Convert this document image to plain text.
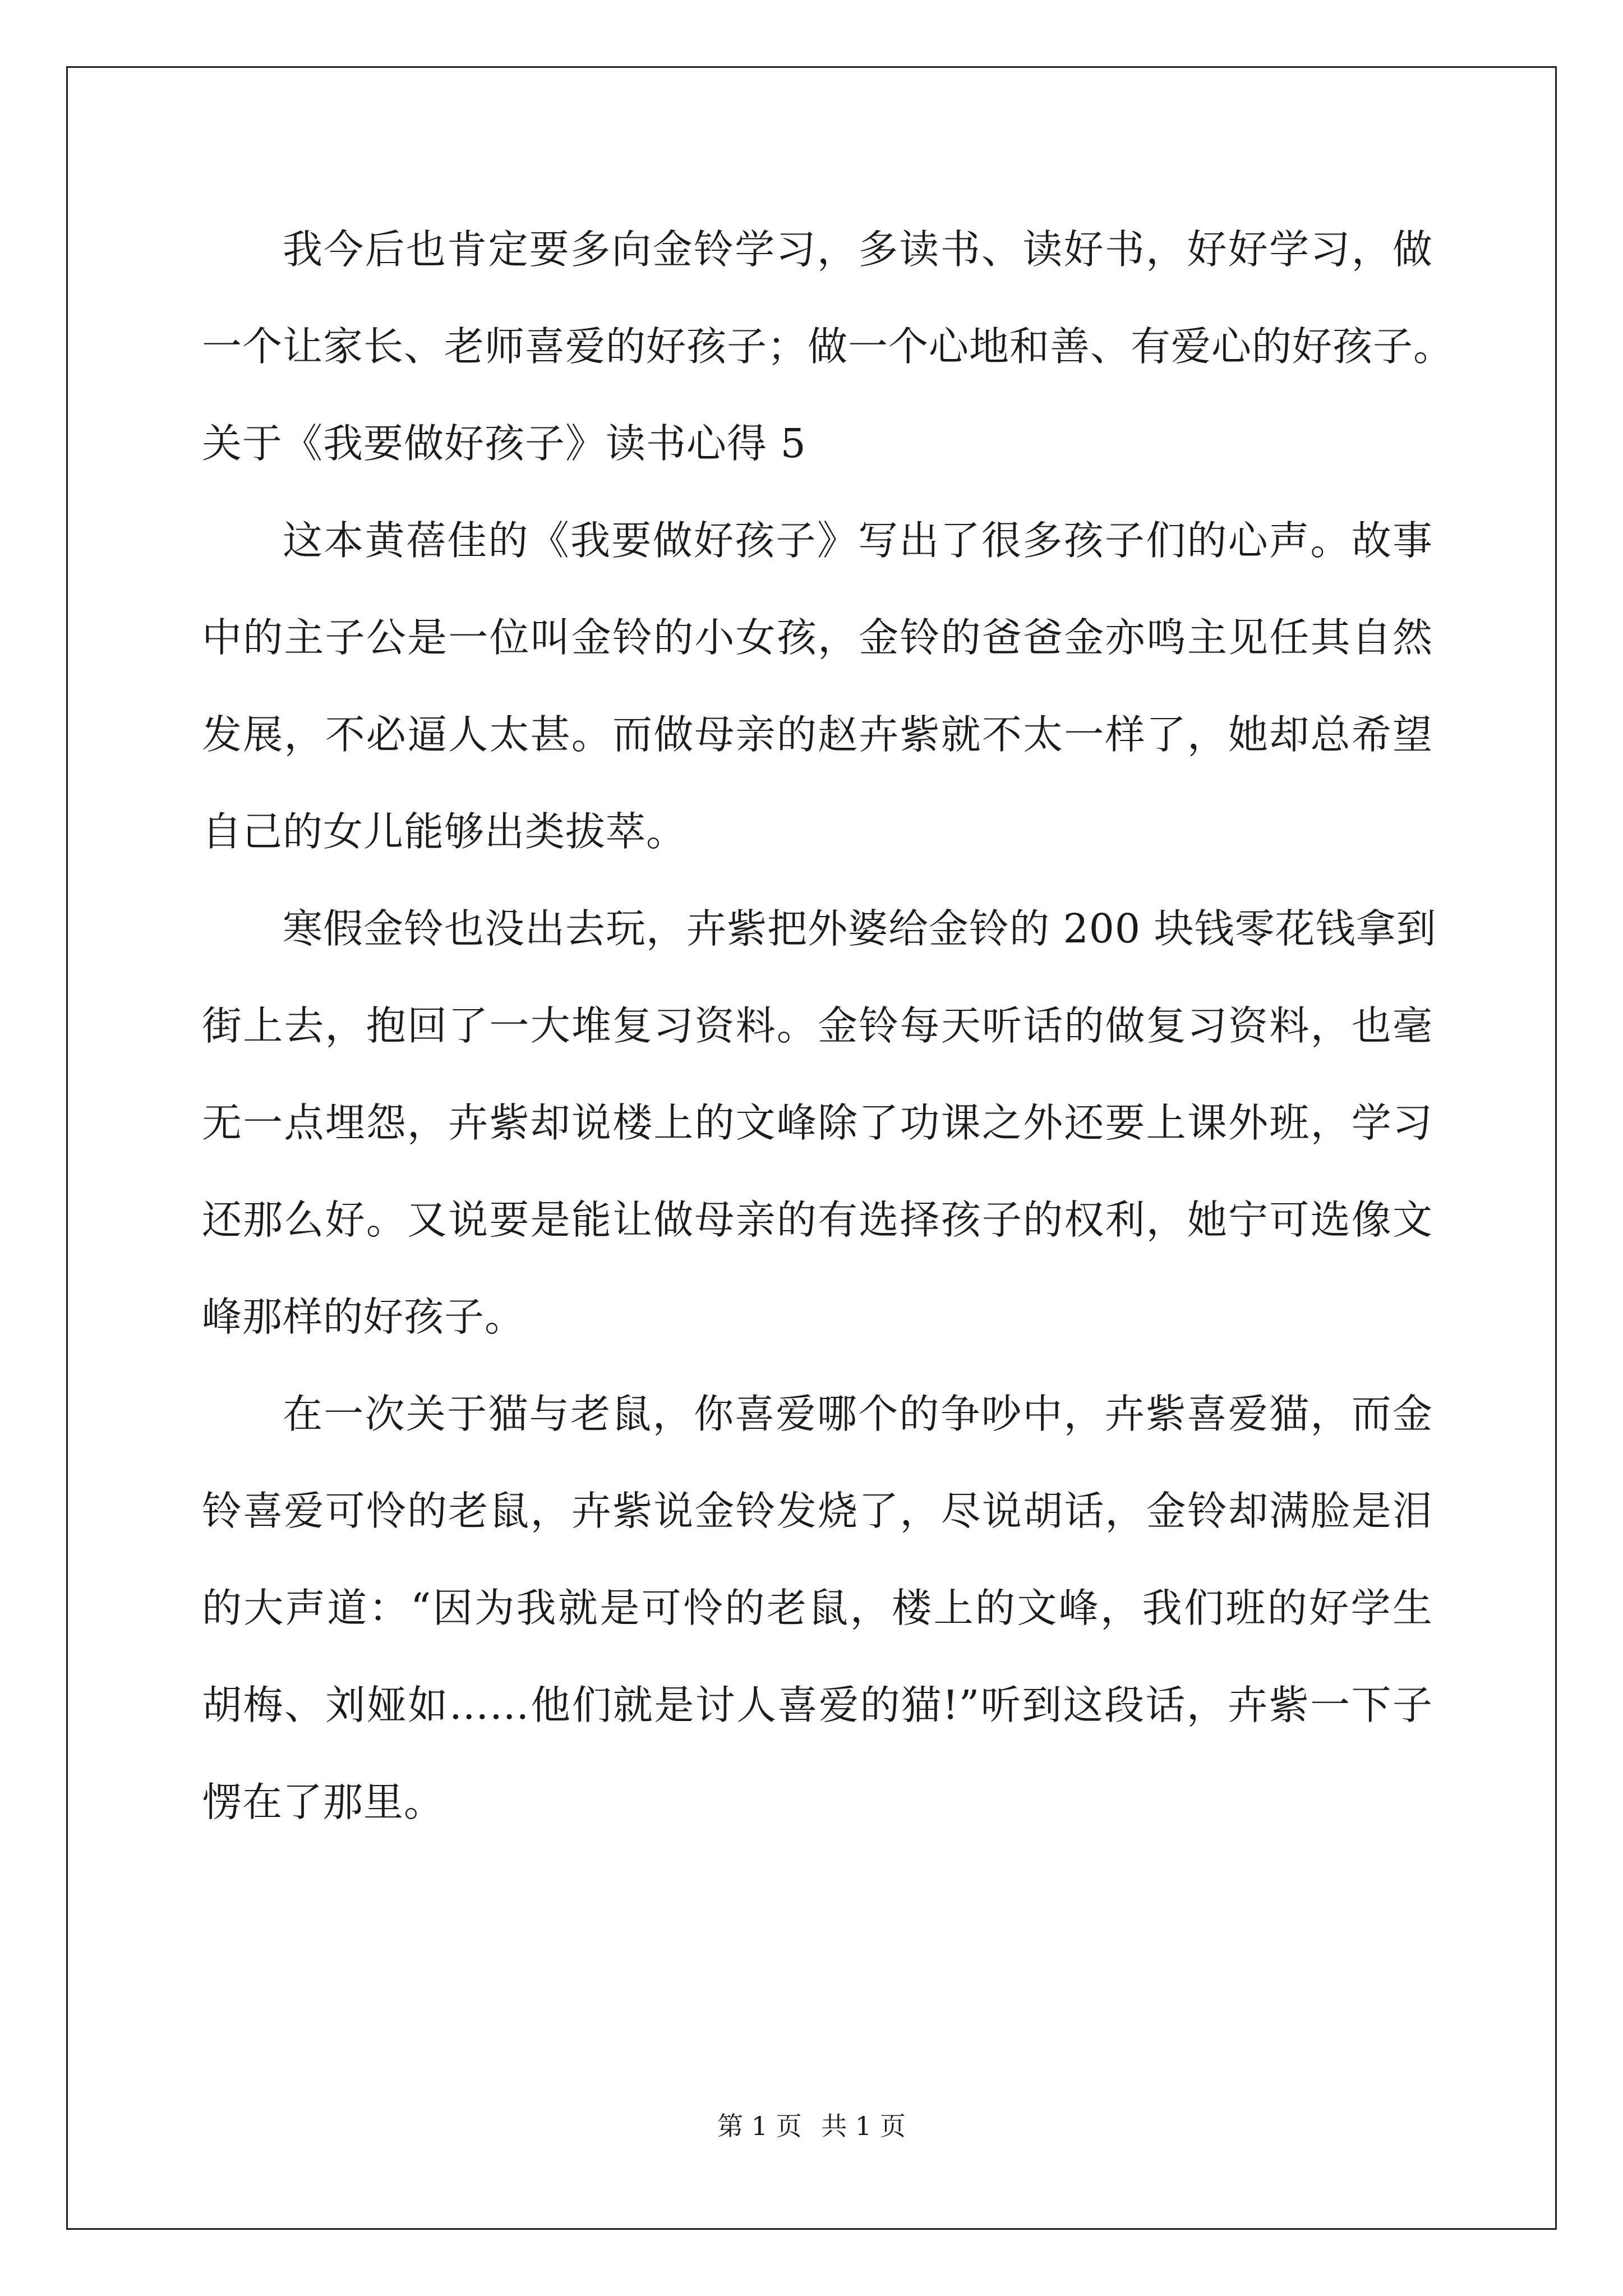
我今后也肯定要多向金铃学习，多读书、读好书，好好学习，做
一个让家长、老师喜爱的好孩子；做一个心地和善、有爱心的好孩子。
关于《我要做好孩子》读书心得 5
这本黄蓓佳的《我要做好孩子》写出了很多孩子们的心声。故事
中的主子公是一位叫金铃的小女孩，金铃的爸爸金亦鸣主见任其自然
发展，不必逼人太甚。而做母亲的赵卉紫就不太一样了，她却总希望
自己的女儿能够出类拔萃。
寒假金铃也没出去玩，卉紫把外婆给金铃的 200 块钱零花钱拿到
街上去，抱回了一大堆复习资料。金铃每天听话的做复习资料，也毫
无一点埋怨，卉紫却说楼上的文峰除了功课之外还要上课外班，学习
还那么好。又说要是能让做母亲的有选择孩子的权利，她宁可选像文
峰那样的好孩子。
在一次关于猫与老鼠，你喜爱哪个的争吵中，卉紫喜爱猫，而金
铃喜爱可怜的老鼠，卉紫说金铃发烧了，尽说胡话，金铃却满脸是泪
的大声道：“因为我就是可怜的老鼠，楼上的文峰，我们班的好学生
胡梅、刘娅如……他们就是讨人喜爱的猫!”听到这段话，卉紫一下子
愣在了那里。
第 1 页 共 1 页
